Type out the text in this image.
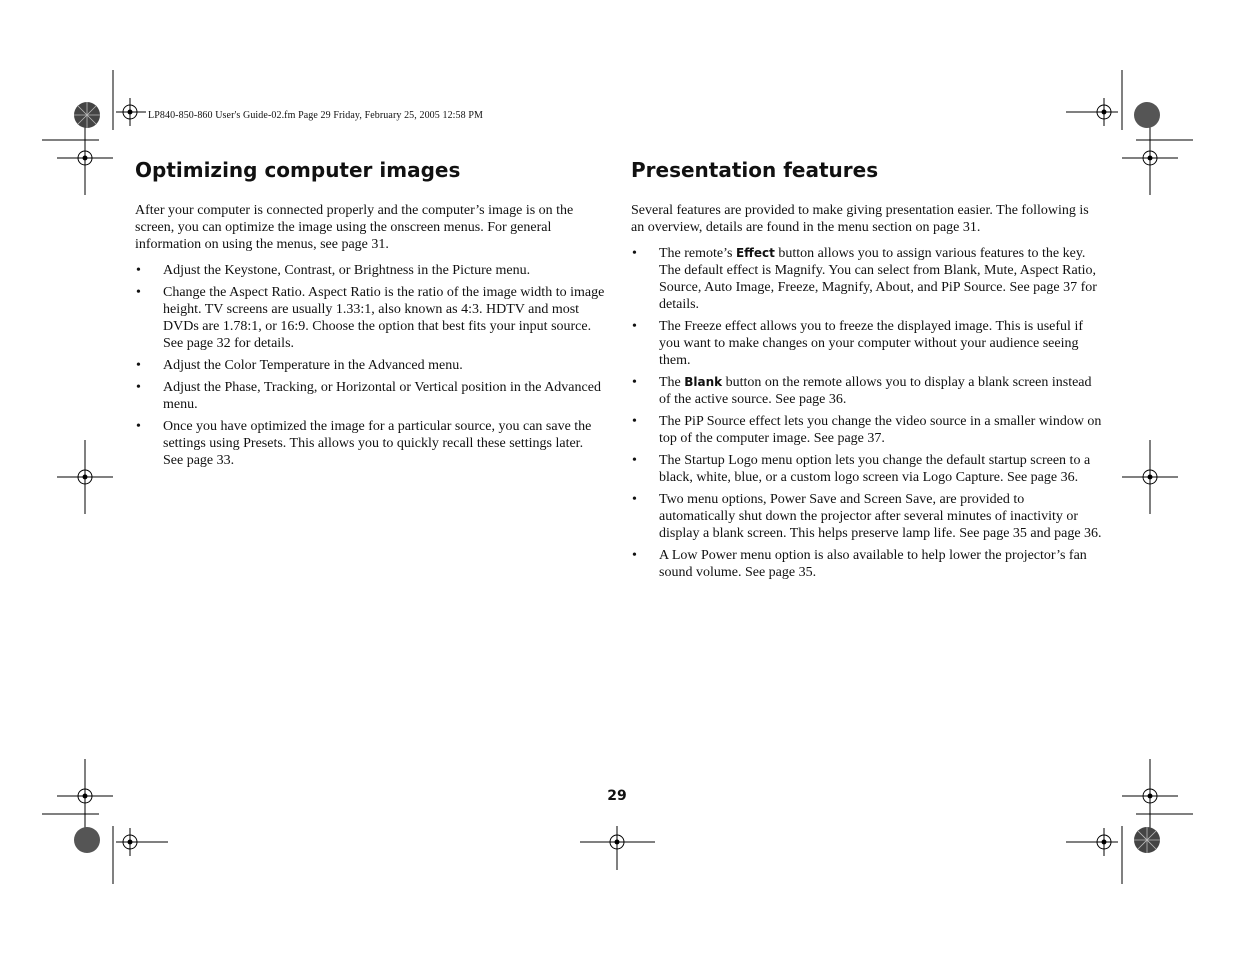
LP840-850-860 User's Guide-02.fm Page 29 Friday, February 25, 2005 12:58 PM
Optimizing computer images

After your computer is connected properly and the computer’s image is on the screen, you can optimize the image using the onscreen menus. For general information on using the menus, see page 31.

• Adjust the Keystone, Contrast, or Brightness in the Picture menu.
• Change the Aspect Ratio. Aspect Ratio is the ratio of the image width to image height. TV screens are usually 1.33:1, also known as 4:3. HDTV and most DVDs are 1.78:1, or 16:9. Choose the option that best fits your input source. See page 32 for details.
• Adjust the Color Temperature in the Advanced menu.
• Adjust the Phase, Tracking, or Horizontal or Vertical position in the Advanced menu.
• Once you have optimized the image for a particular source, you can save the settings using Presets. This allows you to quickly recall these settings later. See page 33.
Presentation features

Several features are provided to make giving presentation easier. The following is an overview, details are found in the menu section on page 31.

• The remote’s Effect button allows you to assign various features to the key. The default effect is Magnify. You can select from Blank, Mute, Aspect Ratio, Source, Auto Image, Freeze, Magnify, About, and PiP Source. See page 37 for details.
• The Freeze effect allows you to freeze the displayed image. This is useful if you want to make changes on your computer without your audience seeing them.
• The Blank button on the remote allows you to display a blank screen instead of the active source. See page 36.
• The PiP Source effect lets you change the video source in a smaller window on top of the computer image. See page 37.
• The Startup Logo menu option lets you change the default startup screen to a black, white, blue, or a custom logo screen via Logo Capture. See page 36.
• Two menu options, Power Save and Screen Save, are provided to automatically shut down the projector after several minutes of inactivity or display a blank screen. This helps preserve lamp life. See page 35 and page 36.
• A Low Power menu option is also available to help lower the projector’s fan sound volume. See page 35.
29
